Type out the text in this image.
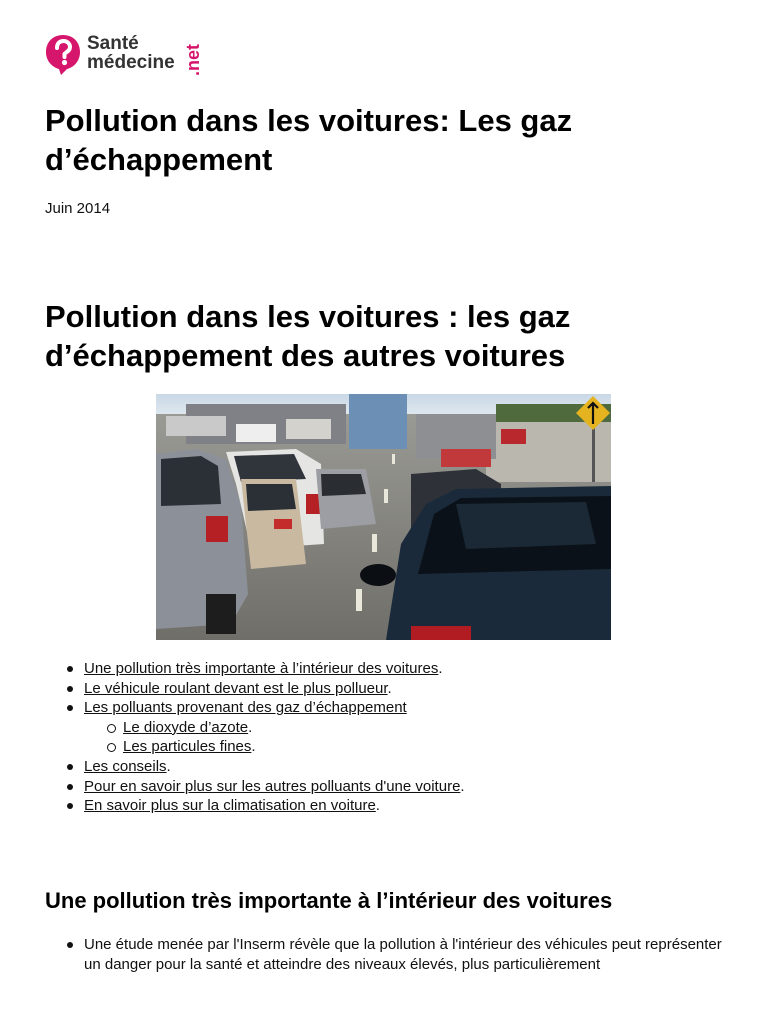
Santé
médecine .net
Pollution dans les voitures: Les gaz d’échappement
Juin 2014
Pollution dans les voitures : les gaz d’échappement des autres voitures
Une pollution très importante à l’intérieur des voitures.
Le véhicule roulant devant est le plus pollueur.
Les polluants provenant des gaz d’échappement
Le dioxyde d’azote.
Les particules fines.
Les conseils.
Pour en savoir plus sur les autres polluants d'une voiture.
En savoir plus sur la climatisation en voiture.
Une pollution très importante à l’intérieur des voitures
Une étude menée par l'Inserm révèle que la pollution à l'intérieur des véhicules peut représenter un danger pour la santé et atteindre des niveaux élevés, plus particulièrement
